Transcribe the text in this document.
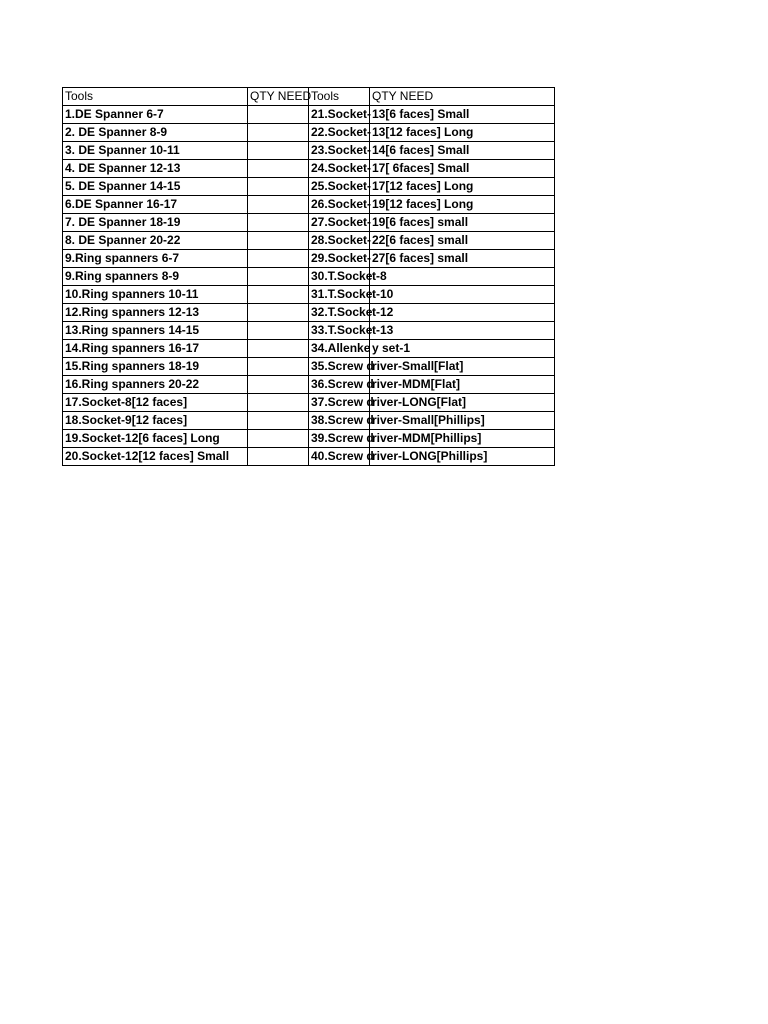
Tools	QTY NEED	Tools	QTY NEED
1.DE Spanner 6-7		21.Socket-	13[6 faces] Small
2. DE Spanner 8-9		22.Socket-	13[12 faces] Long
3. DE Spanner 10-11		23.Socket-	14[6 faces] Small
4. DE Spanner 12-13		24.Socket-	17[ 6faces] Small
5. DE Spanner 14-15		25.Socket-	17[12 faces] Long
6.DE Spanner 16-17		26.Socket-	19[12 faces] Long
7. DE Spanner 18-19		27.Socket-	19[6 faces] small
8. DE Spanner 20-22		28.Socket-	22[6 faces] small
9.Ring spanners 6-7		29.Socket-	27[6 faces] small
9.Ring spanners 8-9		30.T.Socke	t-8
10.Ring spanners 10-11		31.T.Socke	t-10
12.Ring spanners 12-13		32.T.Socke	t-12
13.Ring spanners 14-15		33.T.Socke	t-13
14.Ring spanners 16-17		34.Allenke	y set-1
15.Ring spanners 18-19		35.Screw d	river-Small[Flat]
16.Ring spanners 20-22		36.Screw d	river-MDM[Flat]
17.Socket-8[12 faces]		37.Screw d	river-LONG[Flat]
18.Socket-9[12 faces]		38.Screw d	river-Small[Phillips]
19.Socket-12[6 faces] Long		39.Screw d	river-MDM[Phillips]
20.Socket-12[12 faces] Small		40.Screw d	river-LONG[Phillips]
